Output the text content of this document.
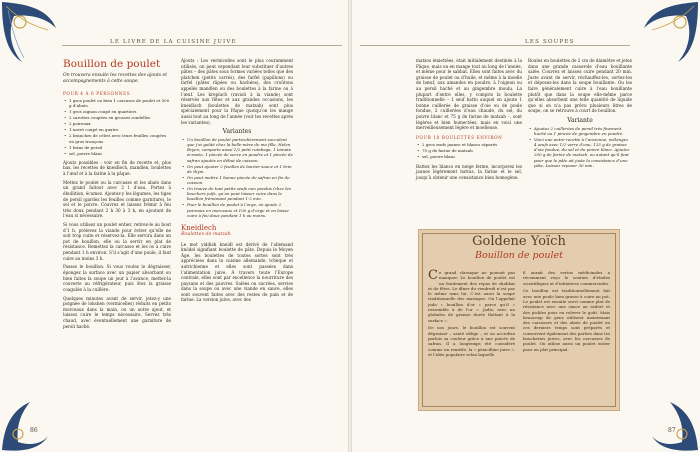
LE LIVRE DE LA CUISINE JUIVE
86
Bouillon de poulet
On trouvera ensuite les recettes des ajouts et accompagnements à cette soupe.
POUR 4 À 6 PERSONNES
• 1 gros poulet ou bien 1 carcasse de poulet et 500 g d’abats
• 1 gros oignon coupé en quartiers
• 2 carottes coupées en grosses rondelles
• 2 poireaux
• 1 navet coupé en quatre
• 2 branches de céleri avec leurs feuilles coupées en gros tronçons
• 1 brins de persil
• sel, poivre blanc

Ajouts possibles : voir en fin de recette et, plus bas, les recettes de kneidlech, mandlen, boulettes à l’œuf et à la farine à la pâque.

Mettez le poulet ou la carcasse et les abats dans un grand faitout avec 2 l d’eau. Portez à ébullition, écumez. Ajoutez-y les légumes, les tiges de persil (gardez les feuilles comme garniture), le sel et le poivre. Couvrez et laissez frémir à feu très doux pendant 2 h 30 à 3 h, en ajoutant de l’eau si nécessaire.

Si vous utilisez un poulet entier, retirez-le au bout d’1 h, prélevez la viande pour éviter qu’elle ne soit trop cuite et réservez-la. Elle servira dans un pot de bouillon, elle ou la servir en plat de résistance. Remettez la carcasse et les os à cuire pendant 1 h environ. S’il s’agit d’une poule, il faut cuire au moins 3 h.

Passez le bouillon. Si vous voulez le dégraisser, épongez la surface avec un papier absorbant ou bien faites la soupe un jour à l’avance, mettez-la couverte au réfrigérateur, puis ôtez la graisse coagulée à la cuillère.

Quelques minutes avant de servir, jetez-y une poignée de lokshen (vermicelles) réduits en petits morceaux dans la main, ou un autre ajout, et laissez cuire le temps nécessaire. Servez très chaud, avec éventuellement une garniture de persil haché.

Ajouts : Les vermicelles sont le plus couramment utilisés, on peut cependant leur substituer d’autres pâtes – des pâtes sous formes variées telles que des platchen (petits carrés), des farfel (papillons) ou farfel (pâtes râpées ou hachées), des croûtons appelés mandlen ou des boulettes à la farine ou à l’œuf. Les kreplach (ravioli à la viande) sont réservés aux fêtes et aux grandes occasions, les kneidlach (boulettes de matzah) sont plus spécialement pour la Pâque quoiqu’on les mange aussi tout au long de l’année (voir les recettes après les variantes).

Variantes
• Un bouillon de poulet particulièrement succulent que j’ai goûté chez la belle-mère de ma fille, Helen Bryen, comporte aussi 1/2 petit rutabaga, 1 tomate écrasée, 1 pincée de sucre en poudre et 1 pincée de safran ajoutés en début de cuisson.
• On peut ajouter 2 feuilles de laurier-sauce et 1 brin de thym.
• On peut mettre 1 bonne pincée de safran en fin de cuisson.
• On trouve de tout petits œufs non pondus (chez les bouchers juifs, qu’on peut laisser cuire dans le bouillon frémissant pendant 1-2 min.
• Pour le bouillon de poulet à l’orge, on ajoute 2 poireaux en morceaux et 100 g d’orge et on laisse cuire à feu doux pendant 1 h au moins.
Kneidlech
Boulettes de matzah

Le mot yiddish kneidl est dérivé de l’allemand knödel signifiant boulette de pâte. Depuis le Moyen Âge, les boulettes de toutes sortes sont très appréciées dans la cuisine allemande, tchèque et autrichienne et elles sont passées dans l’alimentation juive. À travers toute l’Europe centrale, elles sont par excellence la nourriture des paysans et des pauvres. Salées ou sucrées, servies dans la soupe ou avec une viande en sauce, elles sont souvent faites avec des restes de pain et de farine. La version juive, avec des

LES SOUPES
87

matzos émiettées, était initialement destinée à la Pâque, mais on en mange tout au long de l’année, et même pour le sabbat. Elles sont faites avec du graisse de poulet ou d’huile, et même à la moelle de bœuf, aux amandes en poudre, à l’oignon ou au persil haché et au gingembre moulu. La plupart d’entre elles, y compris la boulette traditionnelle – 1 œuf battu auquel on ajoute 1 bonne cuillerée de graisse d’oie ou de poule fondue, 2 cuillerées d’eau chaude, du sel, du poivre blanc et 75 g de farine de matzah –, sont légères et bien humectées, mais en voici une merveilleusement légère et moelleuse.

POUR 18 BOULETTES ENVIRON
• 2 gros œufs jaunes et blancs séparés
• 75 g de farine de matzah
• sel, poivre blanc

Battez les blancs en neige ferme, incorporez les jaunes légèrement battus, la farine et le sel, jusqu’à obtenir une consistance bien homogène.

Roulez en boulettes de 2 cm de diamètre et jetez dans une grande casserole d’eau bouillante salée. Couvrez et laissez cuire pendant 20 min. Juste avant de servir, réchauffez-les, sortez-les et déposez-les dans la soupe bouillante. Ou les faire généralement cuire à l’eau bouillante plutôt que dans la soupe elle-même parce qu’elles absorbent une telle quantité de liquide que si on n’a pas prévu plusieurs litres de soupe, on se retrouve à court de bouillon.

Variante
• Ajoutez 2 cuillerées de persil très finement haché ou 1 pincée de gingembre en poudre.
• Voici une autre recette à l’ancienne, mélangez 4 œufs avec 1/2 verre d’eau, 125 g de graisse d’oie fondue, du sel et du poivre blanc. Ajoutez 200 g de farine de matzah, ou autant qu’il faut pour que le pâte ait juste la consistance d’une pâte. Laissez reposer 30 min.
Goldene Yoïch
Bouillon de poulet

Ce grand classique ne pouvait pas manquer. Le bouillon de poulet est un fondement des repas de shabbat et de fêtes. Le dîner du vendredi n’est pas le même sans lui. C’est aussi la soupe traditionnelle des mariages. On l’appelait juda « bouillon d’or » parce qu’il « ressemble à de l’or ». Jadis, avec un globules de graisse dorée flottant à la surface ».

De nos jours, le bouillon est souvent dégraissé – santé oblige – et on accroîtra parfois sa couleur grâce à une pincée de safran. Il a longtemps été considéré comme un remède, la « pénicilline juive », et l’idée populaire selon laquelle

il aurait des vertus médicinales a récemment reçu le soutien d’études scientifiques et d’initiatives commerciales.

Ce bouillon est traditionnellement fait avec une poule bien grasse à cuire au pot. Le poulet est ensuite servi comme plat de résistance avec une sauce au raifort et des pickles pour en relever le goût. Mais beaucoup de gens utilisent maintenant des carcasses et des abats de poulet en ces derniers temps sont préparés et conservent également des parties dans les boucheries juives, avec les carcasses de poulet. On utilise aussi un poulet entier pour un plat principal.
